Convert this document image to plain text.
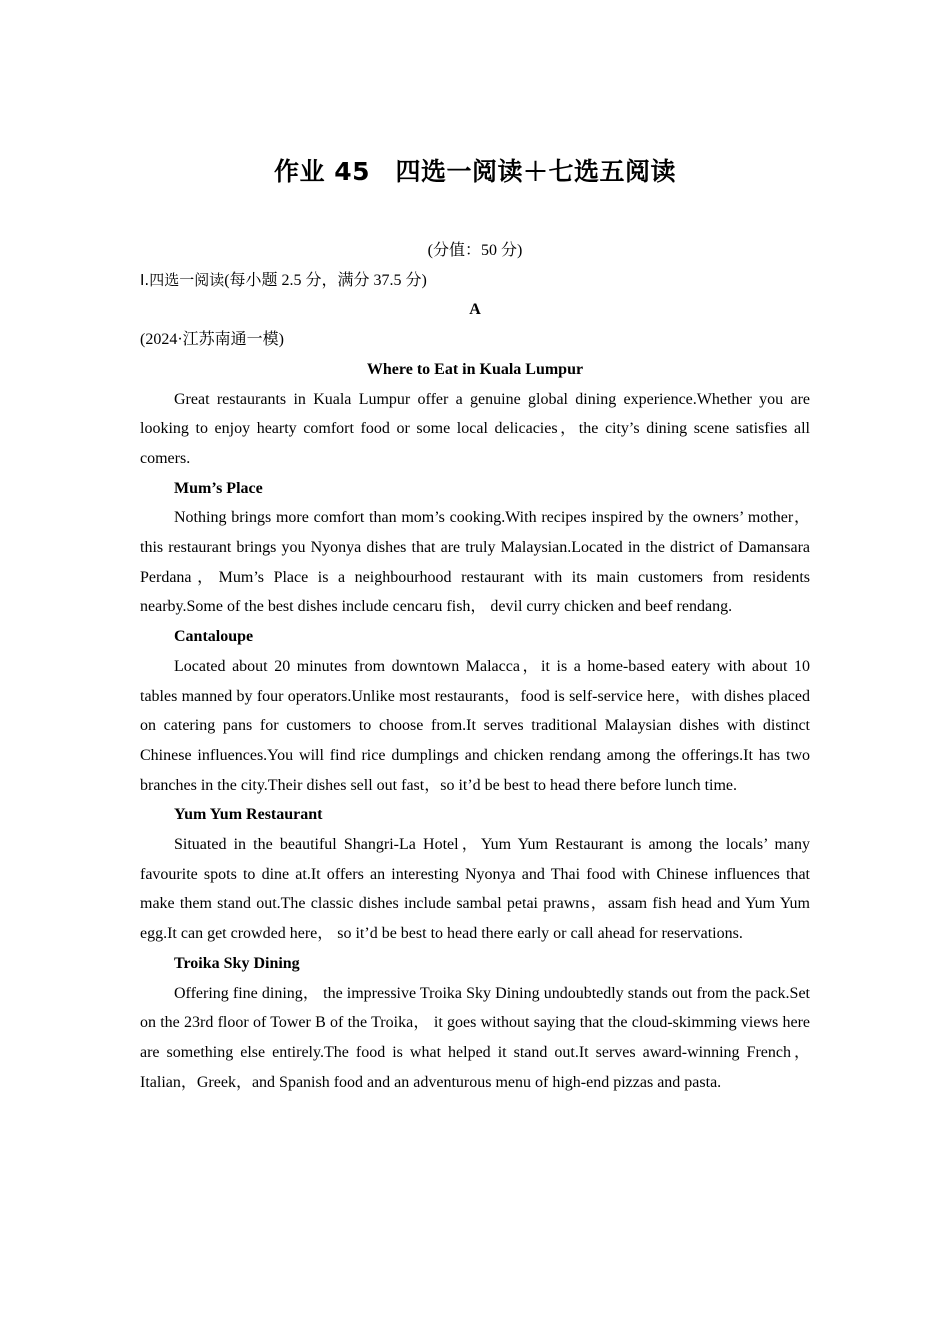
作业 45　四选一阅读＋七选五阅读

(分值：50 分)

Ⅰ.四选一阅读(每小题 2.5 分，满分 37.5 分)

A

(2024·江苏南通一模)

Where to Eat in Kuala Lumpur

Great restaurants in Kuala Lumpur offer a genuine global dining experience.Whether you are looking to enjoy hearty comfort food or some local delicacies，the city’s dining scene satisfies all comers.

Mum’s Place

Nothing brings more comfort than mom’s cooking.With recipes inspired by the owners’ mother，this restaurant brings you Nyonya dishes that are truly Malaysian.Located in the district of Damansara Perdana，Mum’s Place is a neighbourhood restaurant with its main customers from residents nearby.Some of the best dishes include cencaru fish， devil curry chicken and beef rendang.

Cantaloupe

Located about 20 minutes from downtown Malacca，it is a home-based eatery with about 10 tables manned by four operators.Unlike most restaurants，food is self-service here，with dishes placed on catering pans for customers to choose from.It serves traditional Malaysian dishes with distinct Chinese influences.You will find rice dumplings and chicken rendang among the offerings.It has two branches in the city.Their dishes sell out fast，so it’d be best to head there before lunch time.

Yum Yum Restaurant

Situated in the beautiful Shangri-La Hotel，Yum Yum Restaurant is among the locals’ many favourite spots to dine at.It offers an interesting Nyonya and Thai food with Chinese influences that make them stand out.The classic dishes include sambal petai prawns，assam fish head and Yum Yum egg.It can get crowded here， so it’d be best to head there early or call ahead for reservations.

Troika Sky Dining

Offering fine dining， the impressive Troika Sky Dining undoubtedly stands out from the pack.Set on the 23rd floor of Tower B of the Troika， it goes without saying that the cloud-skimming views here are something else entirely.The food is what helped it stand out.It serves award-winning French，Italian，Greek，and Spanish food and an adventurous menu of high-end pizzas and pasta.
